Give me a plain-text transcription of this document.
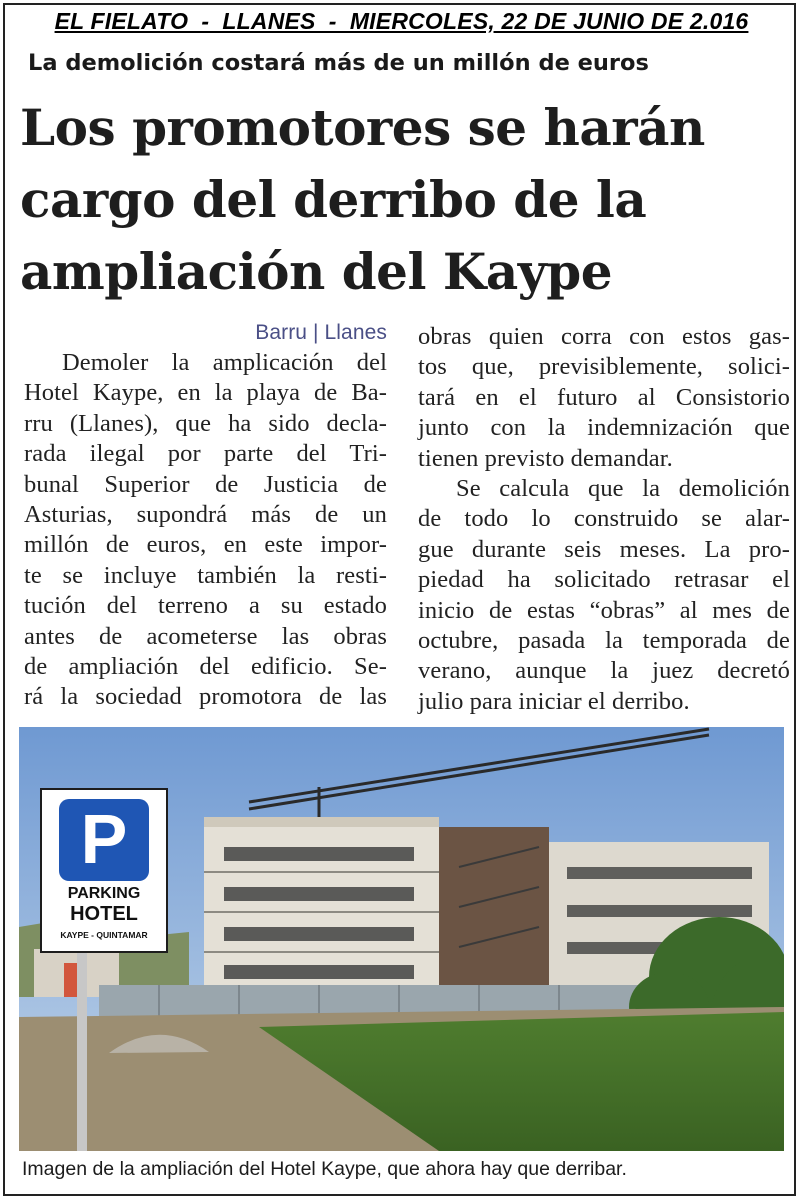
EL FIELATO  -  LLANES  -  MIERCOLES, 22 DE JUNIO DE 2.016
La demolición costará más de un millón de euros
Los promotores se harán
cargo del derribo de la
ampliación del Kaype
Barru | Llanes
Demoler la amplicación del
Hotel Kaype, en la playa de Ba-
rru (Llanes), que ha sido decla-
rada ilegal por parte del Tri-
bunal Superior de Justicia de
Asturias, supondrá más de un
millón de euros, en este impor-
te se incluye también la resti-
tución del terreno a su estado
antes de acometerse las obras
de ampliación del edificio. Se-
rá la sociedad promotora de las
obras quien corra con estos gas-
tos que, previsiblemente, solici-
tará en el futuro al Consistorio
junto con la indemnización que
tienen previsto demandar.
Se calcula que la demolición
de todo lo construido se alar-
gue durante seis meses. La pro-
piedad ha solicitado retrasar el
inicio de estas “obras” al mes de
octubre, pasada la temporada de
verano, aunque la juez decretó
julio para iniciar el derribo.
P
PARKING
HOTEL
KAYPE - QUINTAMAR
Imagen de la ampliación del Hotel Kaype, que ahora hay que derribar.
